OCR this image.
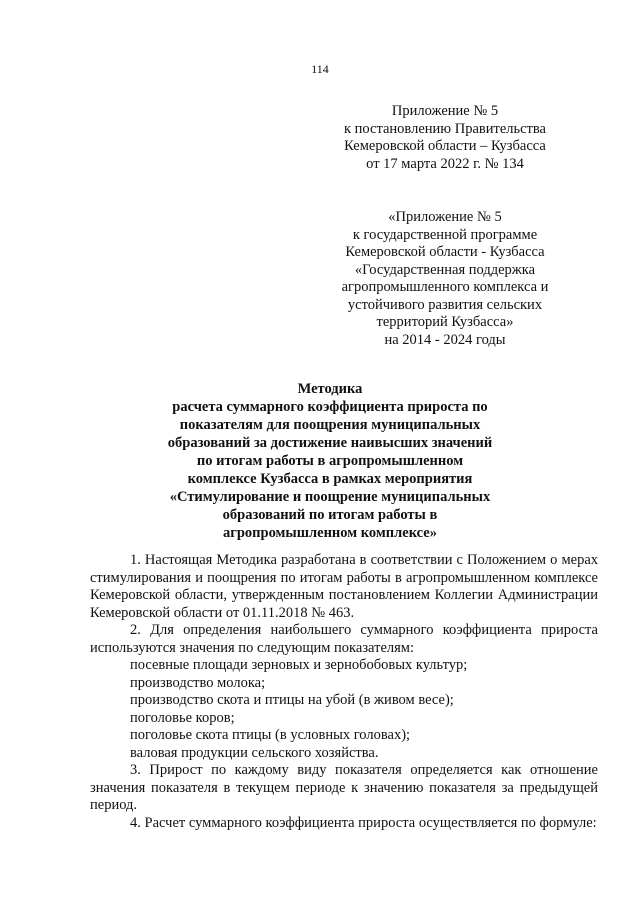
114
Приложение № 5
к постановлению Правительства
Кемеровской области – Кузбасса
от 17 марта 2022 г. № 134
«Приложение № 5
к государственной программе
Кемеровской области - Кузбасса
«Государственная поддержка
агропромышленного комплекса и
устойчивого развития сельских
территорий Кузбасса»
на 2014 - 2024 годы
Методика
расчета суммарного коэффициента прироста по
показателям для поощрения муниципальных
образований за достижение наивысших значений
по итогам работы в агропромышленном
комплексе Кузбасса в рамках мероприятия
«Стимулирование и поощрение муниципальных
образований по итогам работы в
агропромышленном комплексе»

1. Настоящая Методика разработана в соответствии с Положением о мерах стимулирования и поощрения по итогам работы в агропромышленном комплексе Кемеровской области, утвержденным постановлением Коллегии Администрации Кемеровской области от 01.11.2018 № 463.

2. Для определения наибольшего суммарного коэффициента прироста используются значения по следующим показателям:

посевные площади зерновых и зернобобовых культур;
производство молока;
производство скота и птицы на убой (в живом весе);
поголовье коров;
поголовье скота птицы (в условных головах);
валовая продукции сельского хозяйства.

3. Прирост по каждому виду показателя определяется как отношение значения показателя в текущем периоде к значению показателя за предыдущей период.

4. Расчет суммарного коэффициента прироста осуществляется по формуле:
